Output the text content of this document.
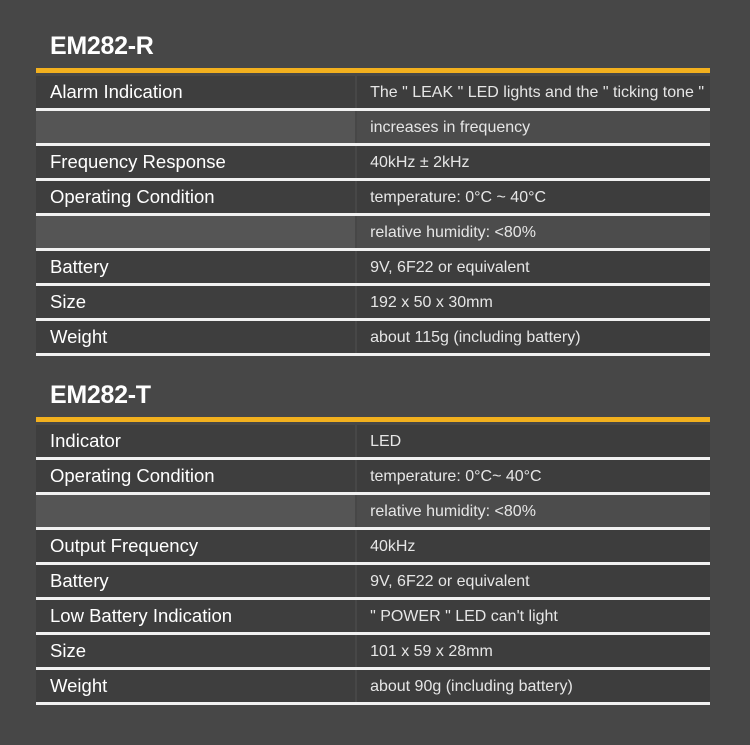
EM282-R
Alarm Indication	The " LEAK " LED lights and the " ticking tone "
increases in frequency
Frequency Response	40kHz ± 2kHz
Operating Condition	temperature: 0°C ~ 40°C
relative humidity: <80%
Battery	9V, 6F22 or equivalent
Size	192 x 50 x 30mm
Weight	about 115g (including battery)
EM282-T
Indicator	LED
Operating Condition	temperature: 0°C~ 40°C
relative humidity: <80%
Output Frequency	40kHz
Battery	9V, 6F22 or equivalent
Low Battery Indication	" POWER " LED can't light
Size	101 x 59 x 28mm
Weight	about 90g (including battery)
